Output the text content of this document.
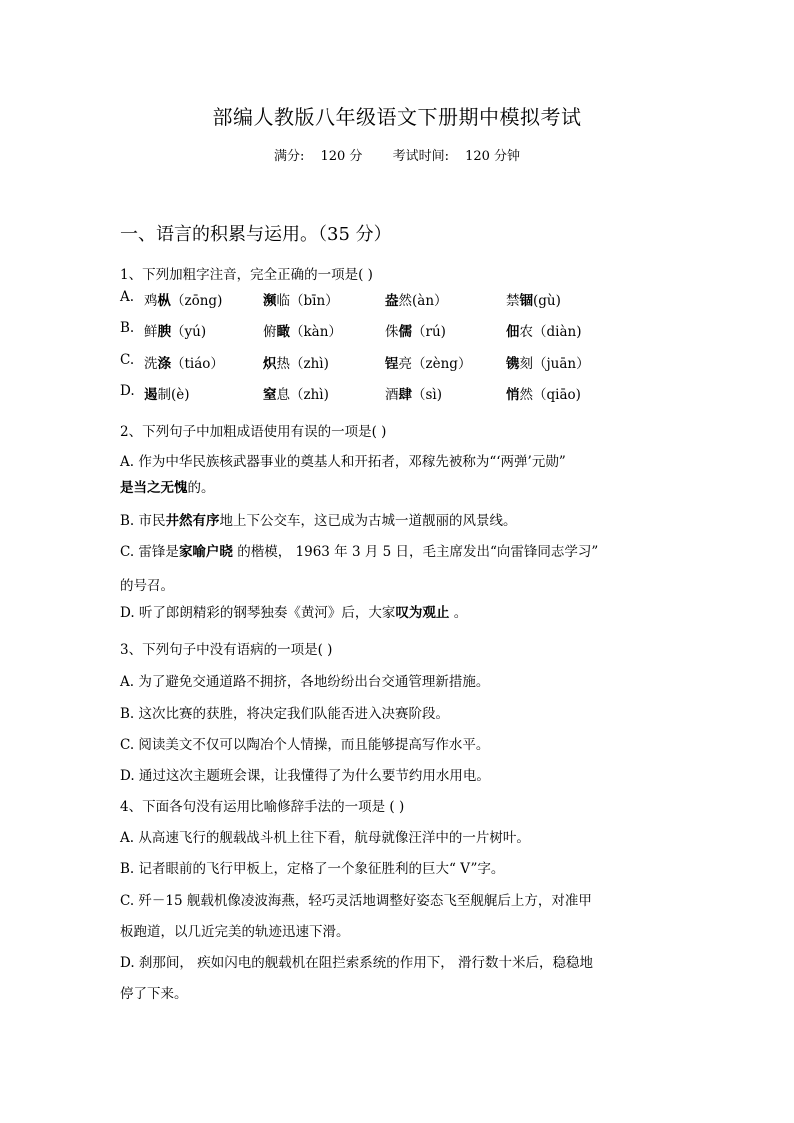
部编人教版八年级语文下册期中模拟考试
满分: 120 分 考试时间: 120 分钟
一、语言的积累与运用。（35 分）
1、下列加粗字注音，完全正确的一项是( )
A. 鸡枞（zōng)	濒临（bīn）	盎然(àn）	禁锢(gù)
B. 鲜腴（yú)	俯瞰（kàn）	侏儒（rú)	佃农（diàn)
C. 洗涤（tiáo）	炽热（zhì)	锃亮（zèng）	镌刻（juān）
D. 遏制(è)	窒息（zhì)	酒肆（sì)	悄然（qiāo)
2、下列句子中加粗成语使用有误的一项是( )
A. 作为中华民族核武器事业的奠基人和开拓者，邓稼先被称为“‘两弹’元勋”
是当之无愧的。
B. 市民井然有序地上下公交车，这已成为古城一道靓丽的风景线。
C. 雷锋是家喻户晓 的楷模， 1963 年 3 月 5 日，毛主席发出“向雷锋同志学习”
的号召。
D. 听了郎朗精彩的钢琴独奏《黄河》后，大家叹为观止 。
3、下列句子中没有语病的一项是( )
A. 为了避免交通道路不拥挤，各地纷纷出台交通管理新措施。
B. 这次比赛的获胜，将决定我们队能否进入决赛阶段。
C. 阅读美文不仅可以陶冶个人情操，而且能够提高写作水平。
D. 通过这次主题班会课，让我懂得了为什么要节约用水用电。
4、下面各句没有运用比喻修辞手法的一项是 ( )
A. 从高速飞行的舰载战斗机上往下看，航母就像汪洋中的一片树叶。
B. 记者眼前的飞行甲板上，定格了一个象征胜利的巨大“ V”字。
C. 歼－15 舰载机像凌波海燕，轻巧灵活地调整好姿态飞至舰艉后上方，对准甲
板跑道，以几近完美的轨迹迅速下滑。
D. 刹那间， 疾如闪电的舰载机在阻拦索系统的作用下， 滑行数十米后，稳稳地
停了下来。
